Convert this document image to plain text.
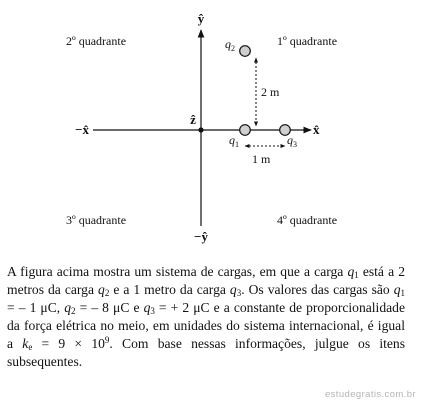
ŷ
−ŷ
x̂
−x̂
ẑ
2º quadrante	1º quadrante
3º quadrante	4º quadrante
$q_2$
$q_1$	$q_3$
2 m
1 m

A figura acima mostra um sistema de cargas, em que a carga $q_1$ está a 2 metros da carga $q_2$ e a 1 metro da carga $q_3$. Os valores das cargas são $q_1$ = – 1 μC, $q_2$ = – 8 μC e $q_3$ = + 2 μC e a constante de proporcionalidade da força elétrica no meio, em unidades do sistema internacional, é igual a $k_e = 9 \times 10^9$. Com base nessas informações, julgue os itens subsequentes.

estudegratis.com.br
